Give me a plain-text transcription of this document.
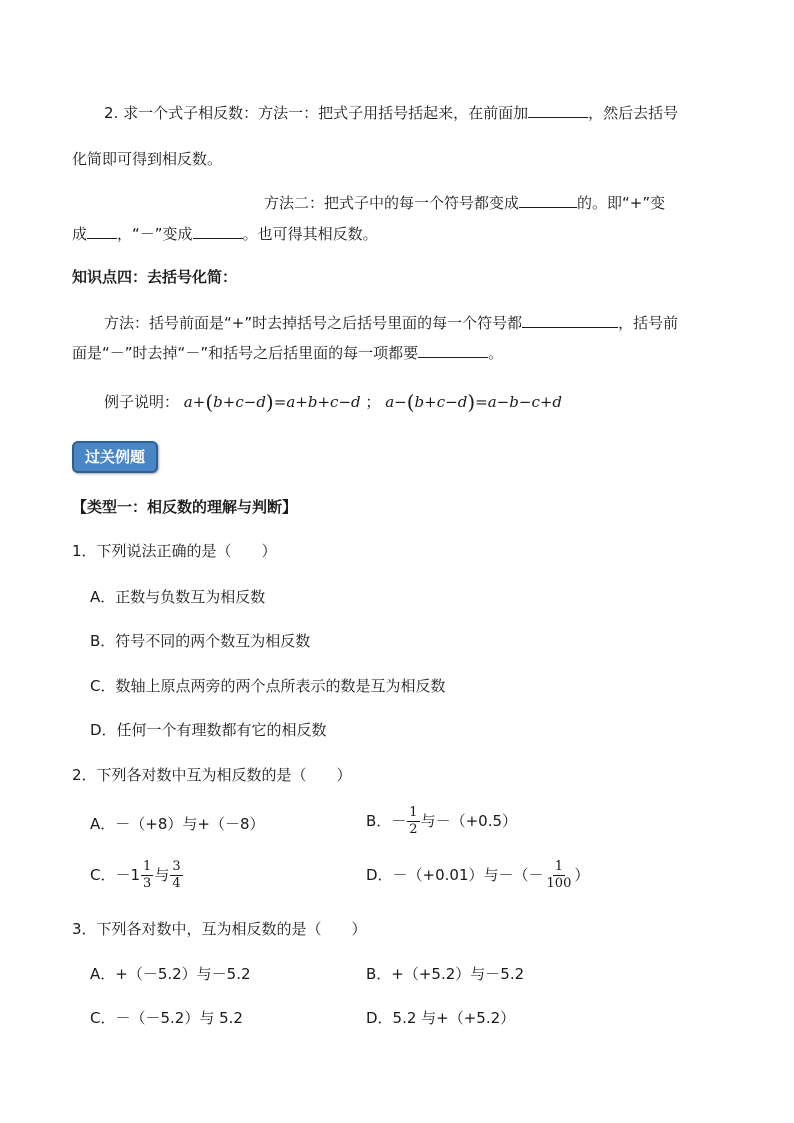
2. 求一个式子相反数：方法一：把式子用括号括起来，在前面加	，然后去括号
化简即可得到相反数。
方法二：把式子中的每一个符号都变成	的。即“+”变
成 ，“－”变成	。也可得其相反数。
知识点四：去括号化简：
方法：括号前面是“+”时去掉括号之后括号里面的每一个符号都	，括号前
面是“－”时去掉“－”和括号之后括里面的每一项都要	。
例子说明： a+(b+c−d)=a+b+c−d ； a−(b+c−d)=a−b−c+d
过关例题
【类型一：相反数的理解与判断】
1．下列说法正确的是（　　）
A．正数与负数互为相反数
B．符号不同的两个数互为相反数
C．数轴上原点两旁的两个点所表示的数是互为相反数
D．任何一个有理数都有它的相反数
2．下列各对数中互为相反数的是（　　）
A．－（+8）与+（－8）	B．－ $\frac{1}{2}$ 与－（+0.5）
C．$-1 \frac{1}{3}$ 与 $\frac{3}{4}$	D．－（+0.01）与－（－ $\frac{1}{100}$ ）
3．下列各对数中，互为相反数的是（　　）
A．+（－5.2）与－5.2	B．+（+5.2）与－5.2
C．－（－5.2）与 5.2	D．5.2 与+（+5.2）
